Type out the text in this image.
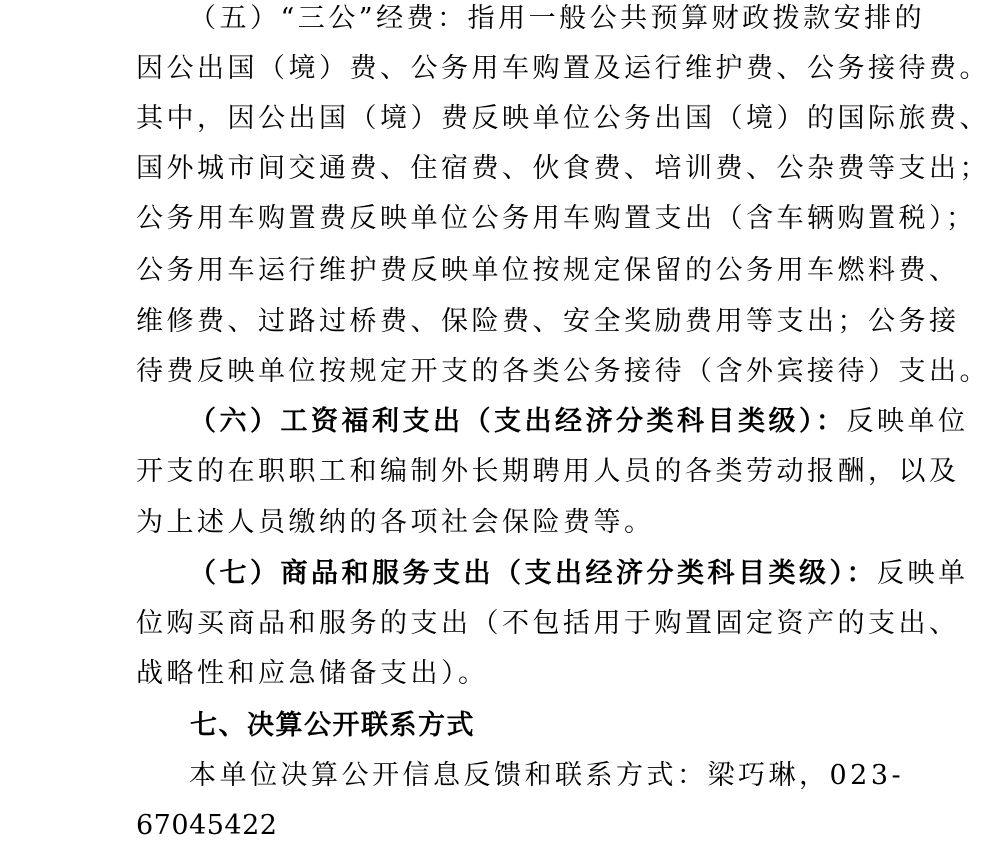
（五）“三公”经费：指用一般公共预算财政拨款安排的
因公出国（境）费、公务用车购置及运行维护费、公务接待费。
其中，因公出国（境）费反映单位公务出国（境）的国际旅费、
国外城市间交通费、住宿费、伙食费、培训费、公杂费等支出；
公务用车购置费反映单位公务用车购置支出（含车辆购置税）；
公务用车运行维护费反映单位按规定保留的公务用车燃料费、
维修费、过路过桥费、保险费、安全奖励费用等支出；公务接
待费反映单位按规定开支的各类公务接待（含外宾接待）支出。
（六）工资福利支出（支出经济分类科目类级）：反映单位
开支的在职职工和编制外长期聘用人员的各类劳动报酬，以及
为上述人员缴纳的各项社会保险费等。
（七）商品和服务支出（支出经济分类科目类级）：反映单
位购买商品和服务的支出（不包括用于购置固定资产的支出、
战略性和应急储备支出）。
七、决算公开联系方式
本单位决算公开信息反馈和联系方式：梁巧琳，023-
67045422
